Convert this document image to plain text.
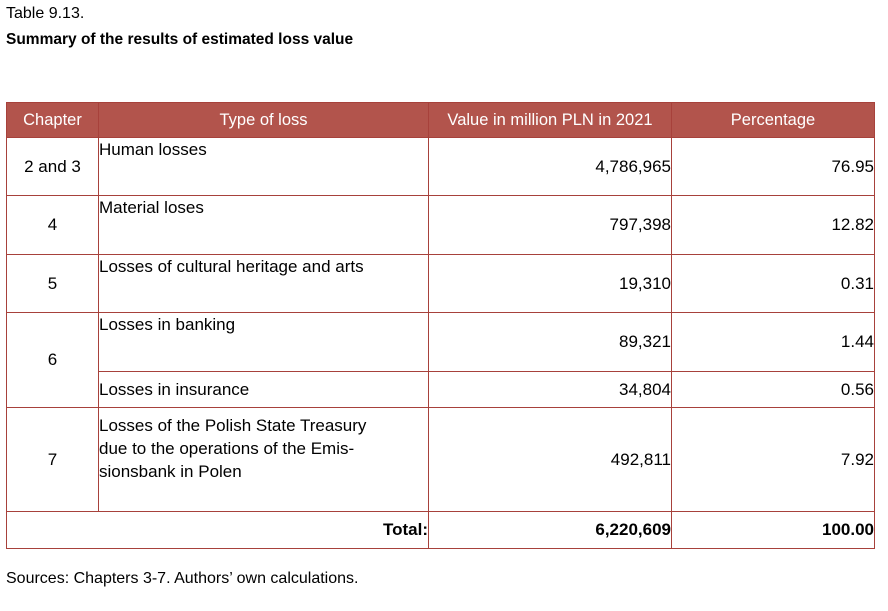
Table 9.13.
Summary of the results of estimated loss value
Chapter	Type of loss	Value in million PLN in 2021	Percentage
2 and 3	Human losses	4,786,965	76.95
4	Material loses	797,398	12.82
5	Losses of cultural heritage and arts	19,310	0.31
6	Losses in banking	89,321	1.44
	Losses in insurance	34,804	0.56
7	Losses of the Polish State Treasury
due to the operations of the Emis-
sionsbank in Polen	492,811	7.92
Total:		6,220,609	100.00
Sources: Chapters 3-7. Authors’ own calculations.
